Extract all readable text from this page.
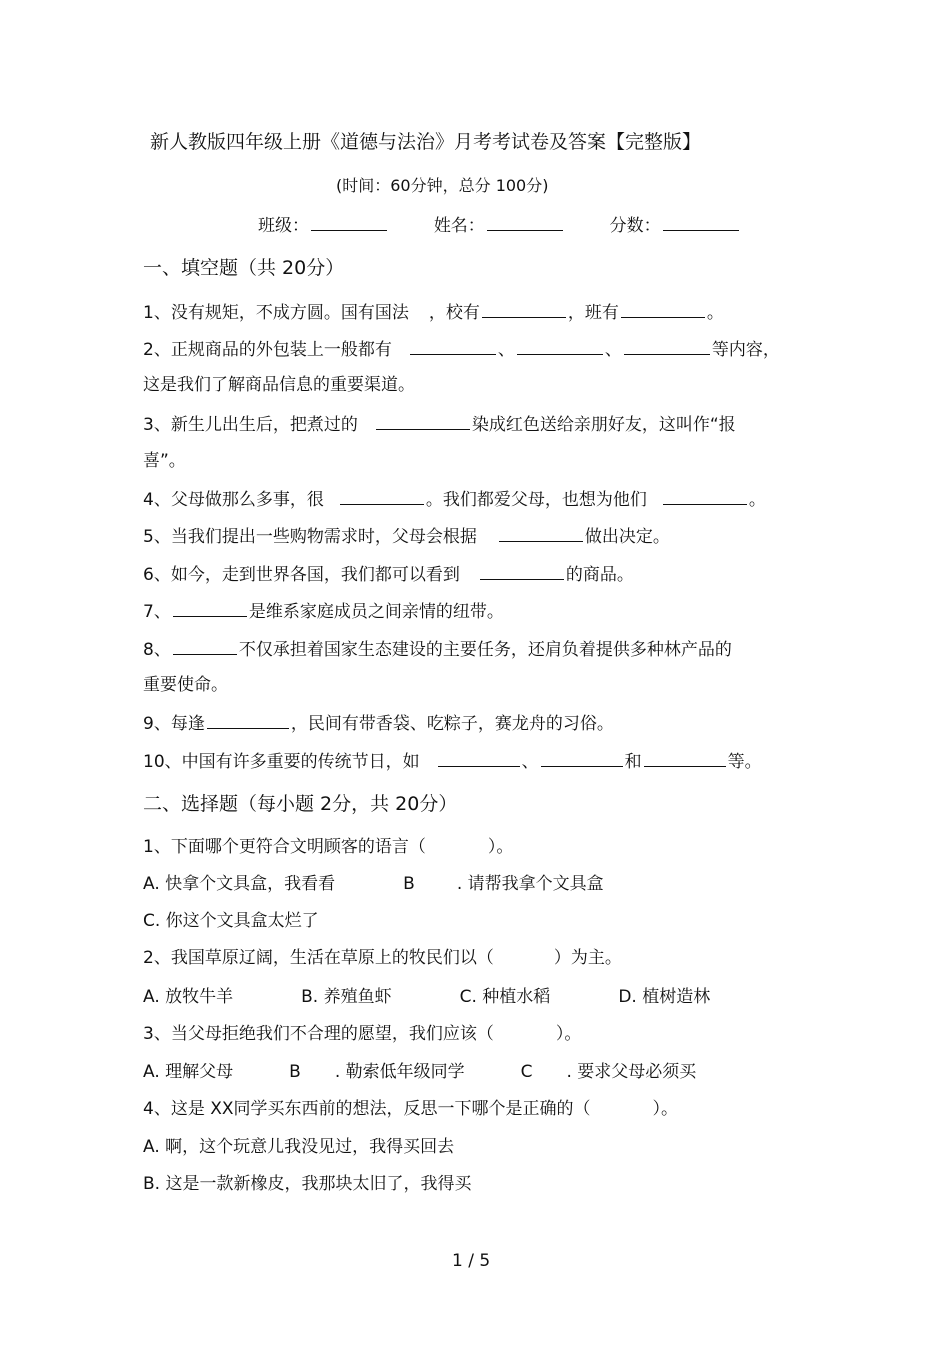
新人教版四年级上册《道德与法治》月考考试卷及答案【完整版】
(时间：60分钟，总分 100分)
班级：	姓名：	分数：
一、填空题（共 20分）
1、没有规矩，不成方圆。国有国法 ，校有	，班有	。
2、正规商品的外包装上一般都有	、	、	等内容，
这是我们了解商品信息的重要渠道。
3、新生儿出生后，把煮过的	染成红色送给亲朋好友，这叫作“报
喜”。
4、父母做那么多事，很	。我们都爱父母，也想为他们	。
5、当我们提出一些购物需求时，父母会根据	做出决定。
6、如今，走到世界各国，我们都可以看到	的商品。
7、	是维系家庭成员之间亲情的纽带。
8、	不仅承担着国家生态建设的主要任务，还肩负着提供多种林产品的
重要使命。
9、每逢	，民间有带香袋、吃粽子，赛龙舟的习俗。
10、中国有许多重要的传统节日，如	、	和	等。
二、选择题（每小题 2分，共 20分）
1、下面哪个更符合文明顾客的语言（	）。
A. 快拿个文具盒，我看看	B . 请帮我拿个文具盒
C. 你这个文具盒太烂了
2、我国草原辽阔，生活在草原上的牧民们以（	）为主。
A. 放牧牛羊	B. 养殖鱼虾	C. 种植水稻	D. 植树造林
3、当父母拒绝我们不合理的愿望，我们应该（	）。
A. 理解父母	B . 勒索低年级同学	C . 要求父母必须买
4、这是 XX同学买东西前的想法，反思一下哪个是正确的（	）。
A. 啊，这个玩意儿我没见过，我得买回去
B. 这是一款新橡皮，我那块太旧了，我得买
1 / 5
